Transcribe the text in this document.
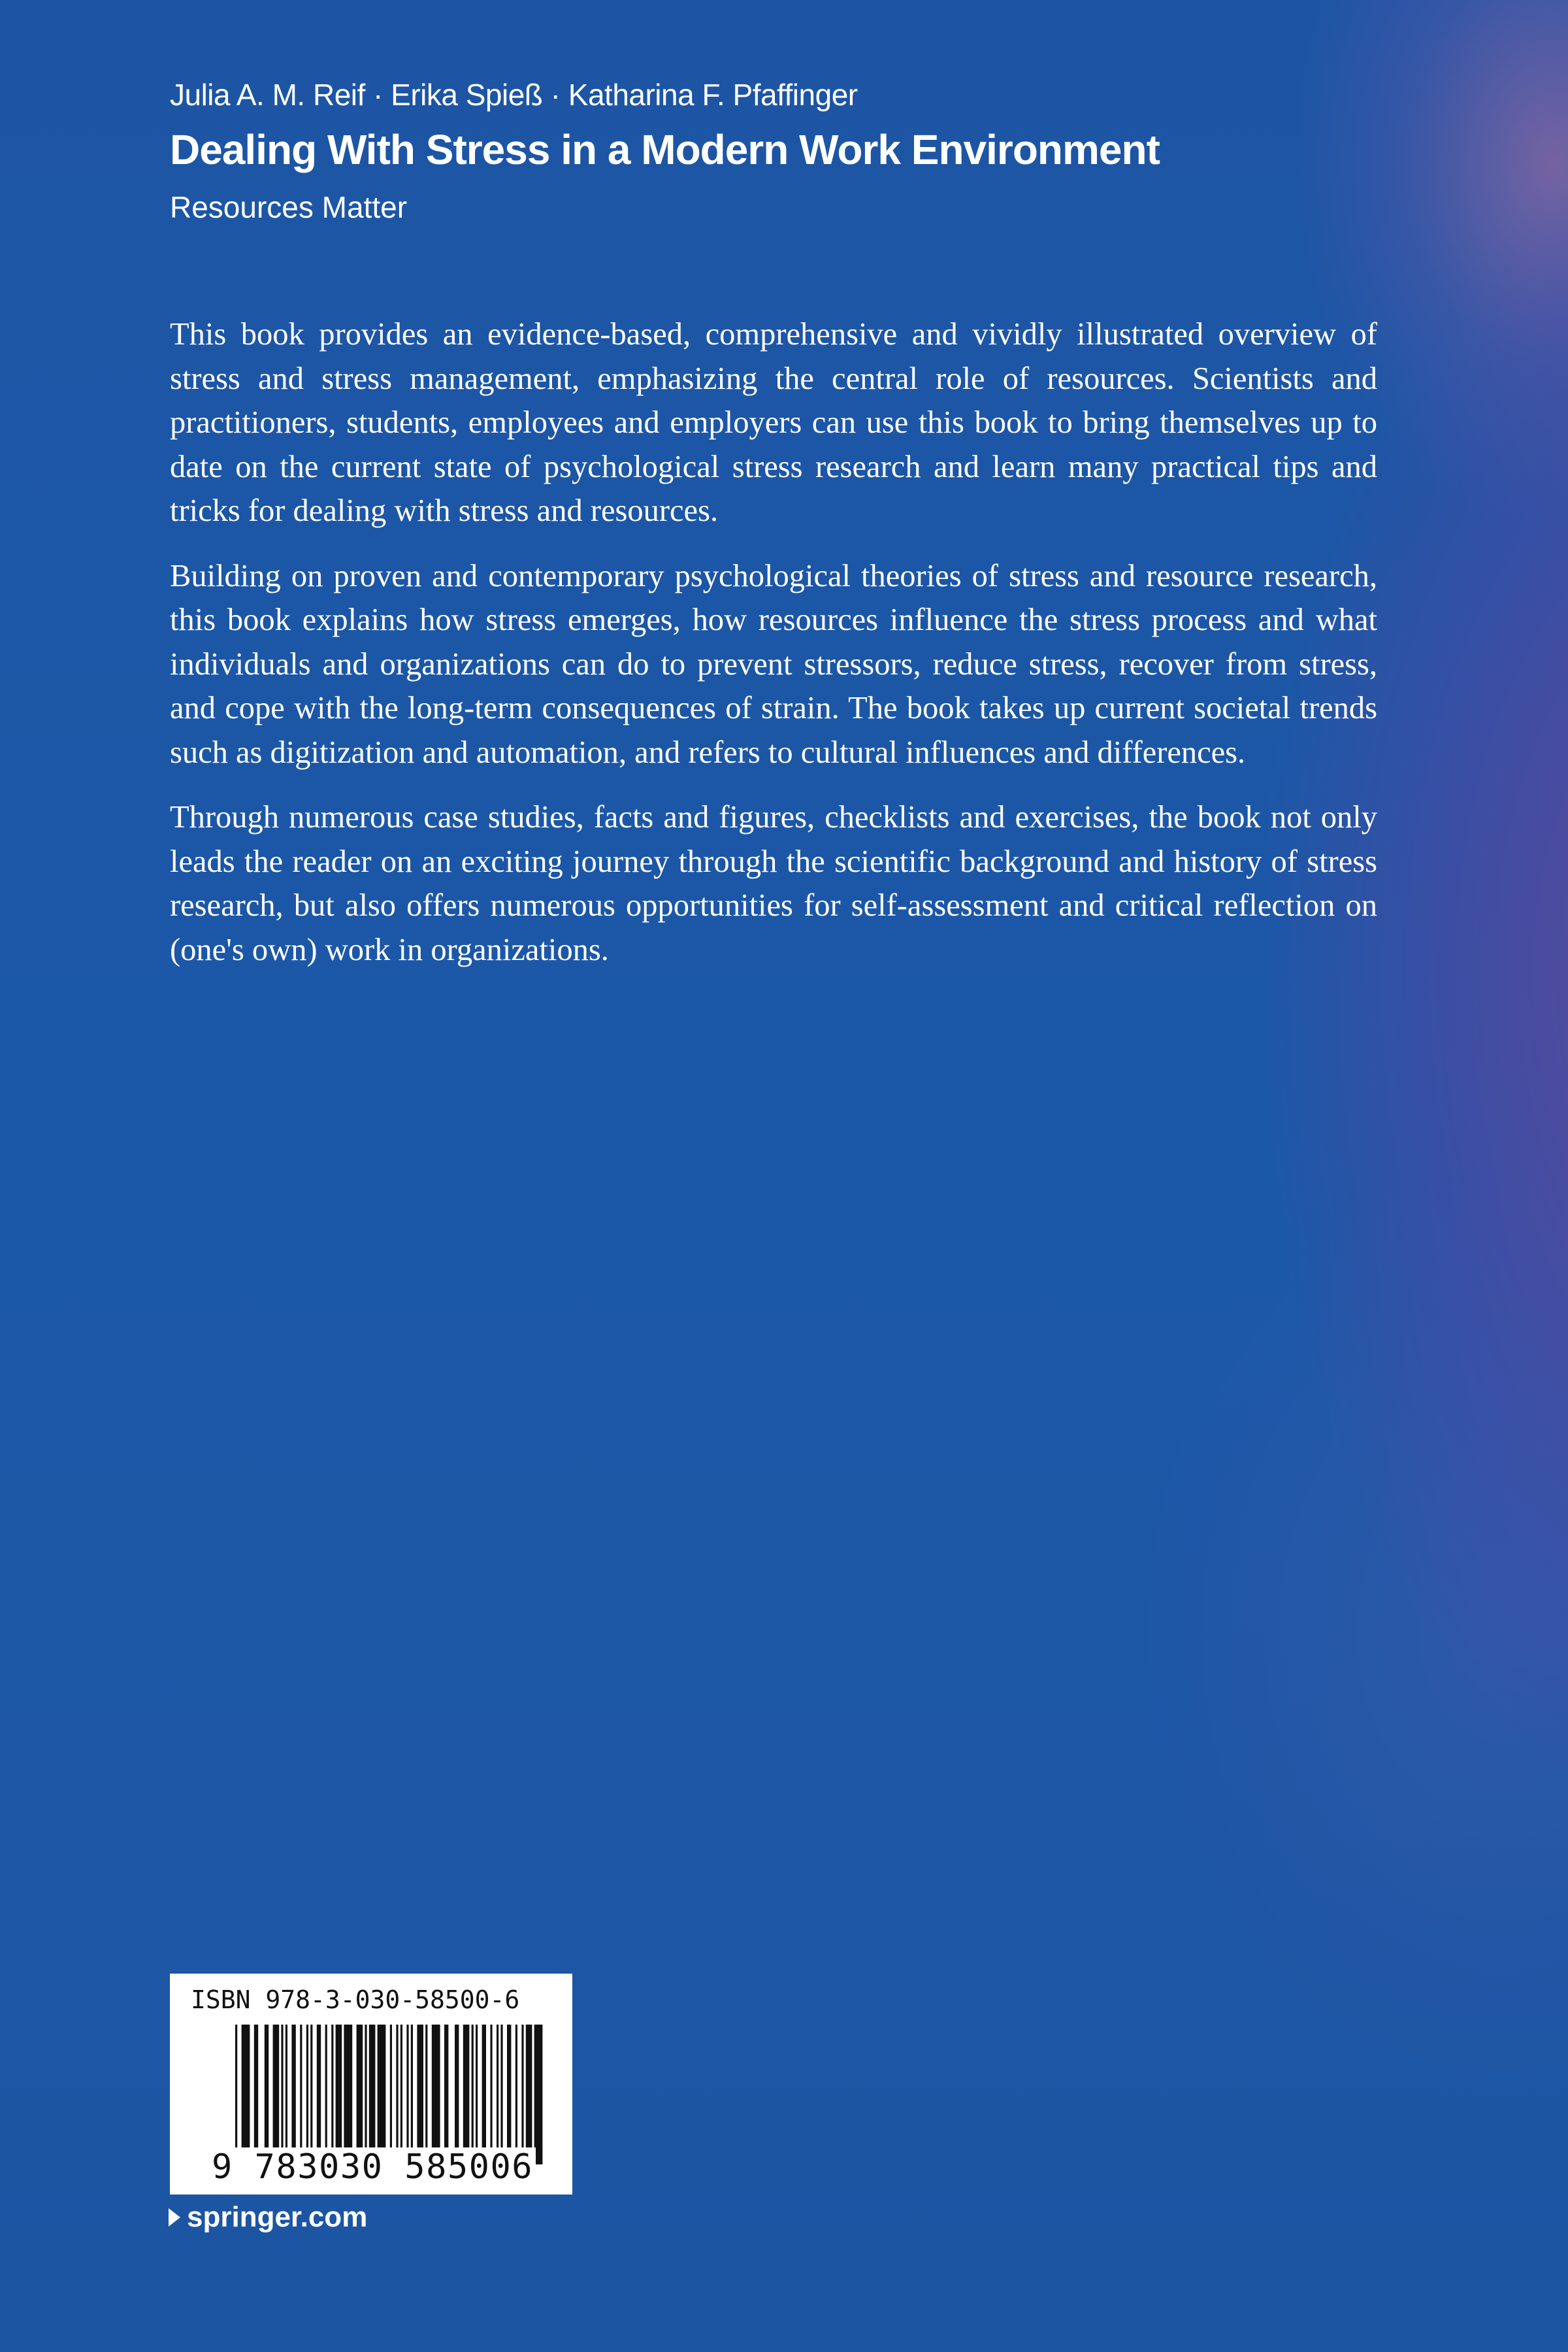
Julia A. M. Reif · Erika Spieß · Katharina F. Pfaffinger
Dealing With Stress in a Modern Work Environment
Resources Matter

This book provides an evidence-based, comprehensive and vividly illustrated overview of stress and stress management, emphasizing the central role of resources. Scientists and practitioners, students, employees and employers can use this book to bring themselves up to date on the current state of psychological stress research and learn many practical tips and tricks for dealing with stress and resources.

Building on proven and contemporary psychological theories of stress and resource research, this book explains how stress emerges, how resources influence the stress process and what individuals and organizations can do to prevent stressors, reduce stress, recover from stress, and cope with the long-term consequences of strain. The book takes up current societal trends such as digitization and automation, and refers to cultural influences and differences.

Through numerous case studies, facts and figures, checklists and exercises, the book not only leads the reader on an exciting journey through the scientific background and history of stress research, but also offers numerous opportunities for self-assessment and critical reflection on (one's own) work in organizations.

ISBN 978-3-030-58500-6
9 783030 585006
springer.com
